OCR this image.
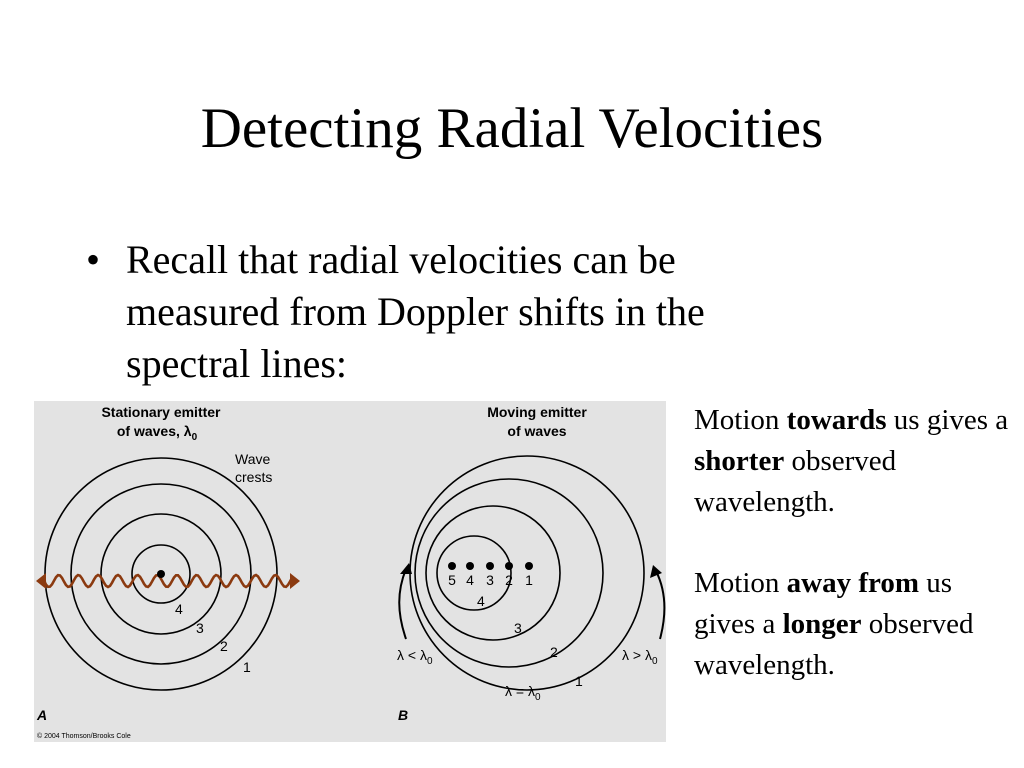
Detecting Radial Velocities
• Recall that radial velocities can be measured from Doppler shifts in the spectral lines:
Stationary emitter
of waves, $\lambda_0$
Wave
crests
4
3
2
1
A
© 2004 Thomson/Brooks Cole
Moving emitter
of waves
5 4 3 2 1
4
3
2
1
$\lambda < \lambda_0$	$\lambda > \lambda_0$
$\lambda = \lambda_0$
B

Motion towards us gives a shorter observed wavelength.

Motion away from us gives a longer observed wavelength.
